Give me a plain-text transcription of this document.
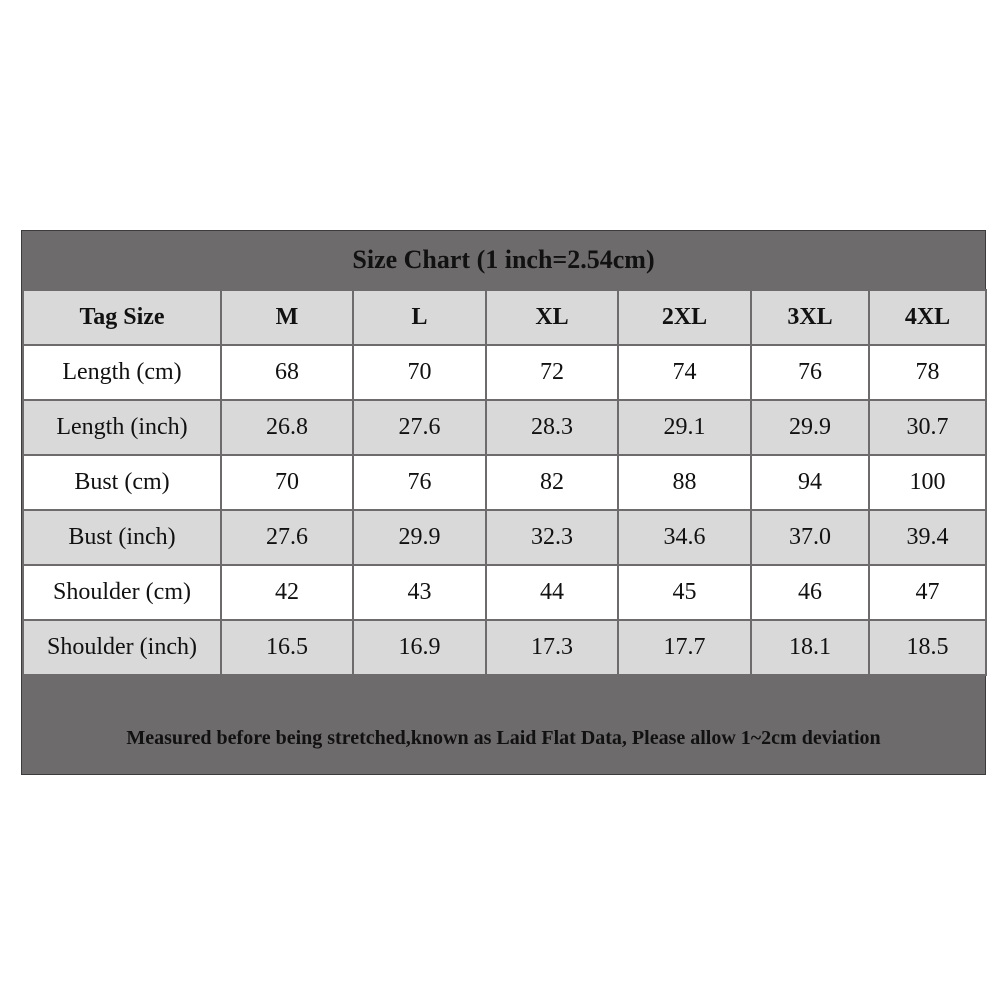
Size Chart (1 inch=2.54cm)
Tag Size	M	L	XL	2XL	3XL	4XL
Length (cm)	68	70	72	74	76	78
Length (inch)	26.8	27.6	28.3	29.1	29.9	30.7
Bust (cm)	70	76	82	88	94	100
Bust (inch)	27.6	29.9	32.3	34.6	37.0	39.4
Shoulder (cm)	42	43	44	45	46	47
Shoulder (inch)	16.5	16.9	17.3	17.7	18.1	18.5
Measured before being stretched,known as Laid Flat Data, Please allow 1~2cm deviation
